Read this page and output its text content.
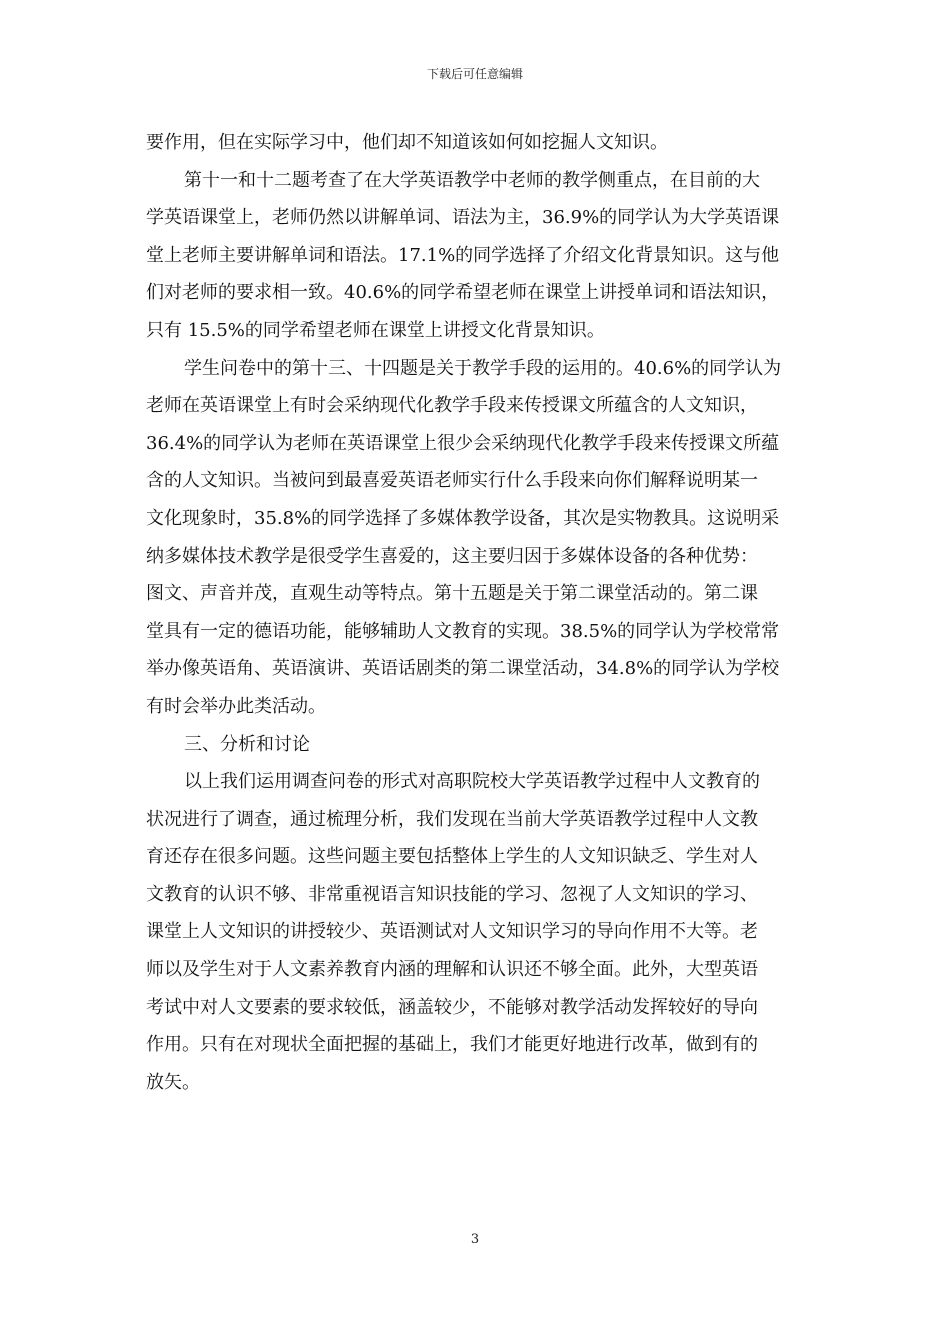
下载后可任意编辑
要作用，但在实际学习中，他们却不知道该如何如挖掘人文知识。
第十一和十二题考查了在大学英语教学中老师的教学侧重点，在目前的大
学英语课堂上，老师仍然以讲解单词、语法为主，36.9%的同学认为大学英语课
堂上老师主要讲解单词和语法。17.1%的同学选择了介绍文化背景知识。这与他
们对老师的要求相一致。40.6%的同学希望老师在课堂上讲授单词和语法知识，
只有 15.5%的同学希望老师在课堂上讲授文化背景知识。
学生问卷中的第十三、十四题是关于教学手段的运用的。40.6%的同学认为
老师在英语课堂上有时会采纳现代化教学手段来传授课文所蕴含的人文知识，
36.4%的同学认为老师在英语课堂上很少会采纳现代化教学手段来传授课文所蕴
含的人文知识。当被问到最喜爱英语老师实行什么手段来向你们解释说明某一
文化现象时，35.8%的同学选择了多媒体教学设备，其次是实物教具。这说明采
纳多媒体技术教学是很受学生喜爱的，这主要归因于多媒体设备的各种优势：
图文、声音并茂，直观生动等特点。第十五题是关于第二课堂活动的。第二课
堂具有一定的德语功能，能够辅助人文教育的实现。38.5%的同学认为学校常常
举办像英语角、英语演讲、英语话剧类的第二课堂活动，34.8%的同学认为学校
有时会举办此类活动。
三、分析和讨论
以上我们运用调查问卷的形式对高职院校大学英语教学过程中人文教育的
状况进行了调查，通过梳理分析，我们发现在当前大学英语教学过程中人文教
育还存在很多问题。这些问题主要包括整体上学生的人文知识缺乏、学生对人
文教育的认识不够、非常重视语言知识技能的学习、忽视了人文知识的学习、
课堂上人文知识的讲授较少、英语测试对人文知识学习的导向作用不大等。老
师以及学生对于人文素养教育内涵的理解和认识还不够全面。此外，大型英语
考试中对人文要素的要求较低，涵盖较少，不能够对教学活动发挥较好的导向
作用。只有在对现状全面把握的基础上，我们才能更好地进行改革，做到有的
放矢。
3
